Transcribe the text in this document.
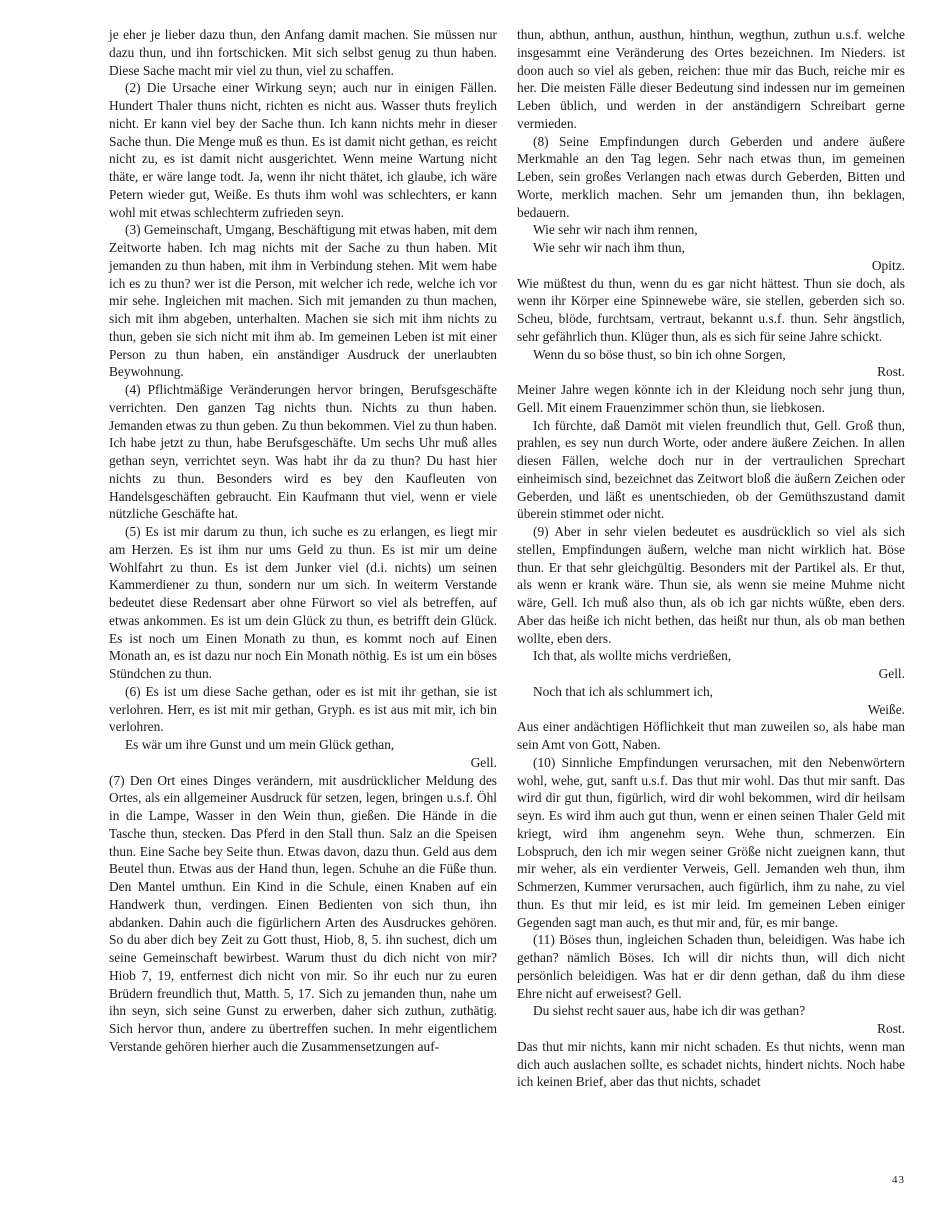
je eher je lieber dazu thun, den Anfang damit machen. Sie müssen nur dazu thun, und ihn fortschicken. Mit sich selbst genug zu thun haben. Diese Sache macht mir viel zu thun, viel zu schaffen.

(2) Die Ursache einer Wirkung seyn; auch nur in einigen Fällen. Hundert Thaler thuns nicht, richten es nicht aus. Wasser thuts freylich nicht. Er kann viel bey der Sache thun. Ich kann nichts mehr in dieser Sache thun. Die Menge muß es thun. Es ist damit nicht gethan, es reicht nicht zu, es ist damit nicht ausgerichtet. Wenn meine Wartung nicht thäte, er wäre lange todt. Ja, wenn ihr nicht thätet, ich glaube, ich wäre Petern wieder gut, Weiße. Es thuts ihm wohl was schlechters, er kann wohl mit etwas schlechterm zufrieden seyn.

(3) Gemeinschaft, Umgang, Beschäftigung mit etwas haben, mit dem Zeitworte haben. Ich mag nichts mit der Sache zu thun haben. Mit jemanden zu thun haben, mit ihm in Verbindung stehen. Mit wem habe ich es zu thun? wer ist die Person, mit welcher ich rede, welche ich vor mir sehe. Ingleichen mit machen. Sich mit jemanden zu thun machen, sich mit ihm abgeben, unterhalten. Machen sie sich mit ihm nichts zu thun, geben sie sich nicht mit ihm ab. Im gemeinen Leben ist mit einer Person zu thun haben, ein anständiger Ausdruck der unerlaubten Beywohnung.

(4) Pflichtmäßige Veränderungen hervor bringen, Berufsgeschäfte verrichten. Den ganzen Tag nichts thun. Nichts zu thun haben. Jemanden etwas zu thun geben. Zu thun bekommen. Viel zu thun haben. Ich habe jetzt zu thun, habe Berufsgeschäfte. Um sechs Uhr muß alles gethan seyn, verrichtet seyn. Was habt ihr da zu thun? Du hast hier nichts zu thun. Besonders wird es bey den Kaufleuten von Handelsgeschäften gebraucht. Ein Kaufmann thut viel, wenn er viele nützliche Geschäfte hat.

(5) Es ist mir darum zu thun, ich suche es zu erlangen, es liegt mir am Herzen. Es ist ihm nur ums Geld zu thun. Es ist mir um deine Wohlfahrt zu thun. Es ist dem Junker viel (d.i. nichts) um seinen Kammerdiener zu thun, sondern nur um sich. In weiterm Verstande bedeutet diese Redensart aber ohne Fürwort so viel als betreffen, auf etwas ankommen. Es ist um dein Glück zu thun, es betrifft dein Glück. Es ist noch um Einen Monath zu thun, es kommt noch auf Einen Monath an, es ist dazu nur noch Ein Monath nöthig. Es ist um ein böses Stündchen zu thun.

(6) Es ist um diese Sache gethan, oder es ist mit ihr gethan, sie ist verlohren. Herr, es ist mit mir gethan, Gryph. es ist aus mit mir, ich bin verlohren.

Es wär um ihre Gunst und um mein Glück gethan,

Gell.

(7) Den Ort eines Dinges verändern, mit ausdrücklicher Meldung des Ortes, als ein allgemeiner Ausdruck für setzen, legen, bringen u.s.f. Öhl in die Lampe, Wasser in den Wein thun, gießen. Die Hände in die Tasche thun, stecken. Das Pferd in den Stall thun. Salz an die Speisen thun. Eine Sache bey Seite thun. Etwas davon, dazu thun. Geld aus dem Beutel thun. Etwas aus der Hand thun, legen. Schuhe an die Füße thun. Den Mantel umthun. Ein Kind in die Schule, einen Knaben auf ein Handwerk thun, verdingen. Einen Bedienten von sich thun, ihn abdanken. Dahin auch die figürlichern Arten des Ausdruckes gehören. So du aber dich bey Zeit zu Gott thust, Hiob, 8, 5. ihn suchest, dich um seine Gemeinschaft bewirbest. Warum thust du dich nicht von mir? Hiob 7, 19, entfernest dich nicht von mir. So ihr euch nur zu euren Brüdern freundlich thut, Matth. 5, 17. Sich zu jemanden thun, nahe um ihn seyn, sich seine Gunst zu erwerben, daher sich zuthun, zuthätig. Sich hervor thun, andere zu übertreffen suchen. In mehr eigentlichem Verstande gehören hierher auch die Zusammensetzungen auf-

thun, abthun, anthun, austhun, hinthun, wegthun, zuthun u.s.f. welche insgesammt eine Veränderung des Ortes bezeichnen. Im Nieders. ist doon auch so viel als geben, reichen: thue mir das Buch, reiche mir es her. Die meisten Fälle dieser Bedeutung sind indessen nur im gemeinen Leben üblich, und werden in der anständigern Schreibart gerne vermieden.

(8) Seine Empfindungen durch Geberden und andere äußere Merkmahle an den Tag legen. Sehr nach etwas thun, im gemeinen Leben, sein großes Verlangen nach etwas durch Geberden, Bitten und Worte, merklich machen. Sehr um jemanden thun, ihn beklagen, bedauern.

Wie sehr wir nach ihm rennen,

Wie sehr wir nach ihm thun,

Opitz.

Wie müßtest du thun, wenn du es gar nicht hättest. Thun sie doch, als wenn ihr Körper eine Spinnewebe wäre, sie stellen, geberden sich so. Scheu, blöde, furchtsam, vertraut, bekannt u.s.f. thun. Sehr ängstlich, sehr gefährlich thun. Klüger thun, als es sich für seine Jahre schickt.

Wenn du so böse thust, so bin ich ohne Sorgen,

Rost.

Meiner Jahre wegen könnte ich in der Kleidung noch sehr jung thun, Gell. Mit einem Frauenzimmer schön thun, sie liebkosen.

Ich fürchte, daß Damöt mit vielen freundlich thut, Gell. Groß thun, prahlen, es sey nun durch Worte, oder andere äußere Zeichen. In allen diesen Fällen, welche doch nur in der vertraulichen Sprechart einheimisch sind, bezeichnet das Zeitwort bloß die äußern Zeichen oder Geberden, und läßt es unentschieden, ob der Gemüthszustand damit überein stimmet oder nicht.

(9) Aber in sehr vielen bedeutet es ausdrücklich so viel als sich stellen, Empfindungen äußern, welche man nicht wirklich hat. Böse thun. Er that sehr gleichgültig. Besonders mit der Partikel als. Er thut, als wenn er krank wäre. Thun sie, als wenn sie meine Muhme nicht wäre, Gell. Ich muß also thun, als ob ich gar nichts wüßte, eben ders. Aber das heiße ich nicht bethen, das heißt nur thun, als ob man bethen wollte, eben ders.

Ich that, als wollte michs verdrießen,

Gell.

Noch that ich als schlummert ich,

Weiße.

Aus einer andächtigen Höflichkeit thut man zuweilen so, als habe man sein Amt von Gott, Naben.

(10) Sinnliche Empfindungen verursachen, mit den Nebenwörtern wohl, wehe, gut, sanft u.s.f. Das thut mir wohl. Das thut mir sanft. Das wird dir gut thun, figürlich, wird dir wohl bekommen, wird dir heilsam seyn. Es wird ihm auch gut thun, wenn er einen seinen Thaler Geld mit kriegt, wird ihm angenehm seyn. Wehe thun, schmerzen. Ein Lobspruch, den ich mir wegen seiner Größe nicht zueignen kann, thut mir weher, als ein verdienter Verweis, Gell. Jemanden weh thun, ihm Schmerzen, Kummer verursachen, auch figürlich, ihm zu nahe, zu viel thun. Es thut mir leid, es ist mir leid. Im gemeinen Leben einiger Gegenden sagt man auch, es thut mir and, für, es mir bange.

(11) Böses thun, ingleichen Schaden thun, beleidigen. Was habe ich gethan? nämlich Böses. Ich will dir nichts thun, will dich nicht persönlich beleidigen. Was hat er dir denn gethan, daß du ihm diese Ehre nicht auf erweisest? Gell.

Du siehst recht sauer aus, habe ich dir was gethan?

Rost.

Das thut mir nichts, kann mir nicht schaden. Es thut nichts, wenn man dich auch auslachen sollte, es schadet nichts, hindert nichts. Noch habe ich keinen Brief, aber das thut nichts, schadet

43
